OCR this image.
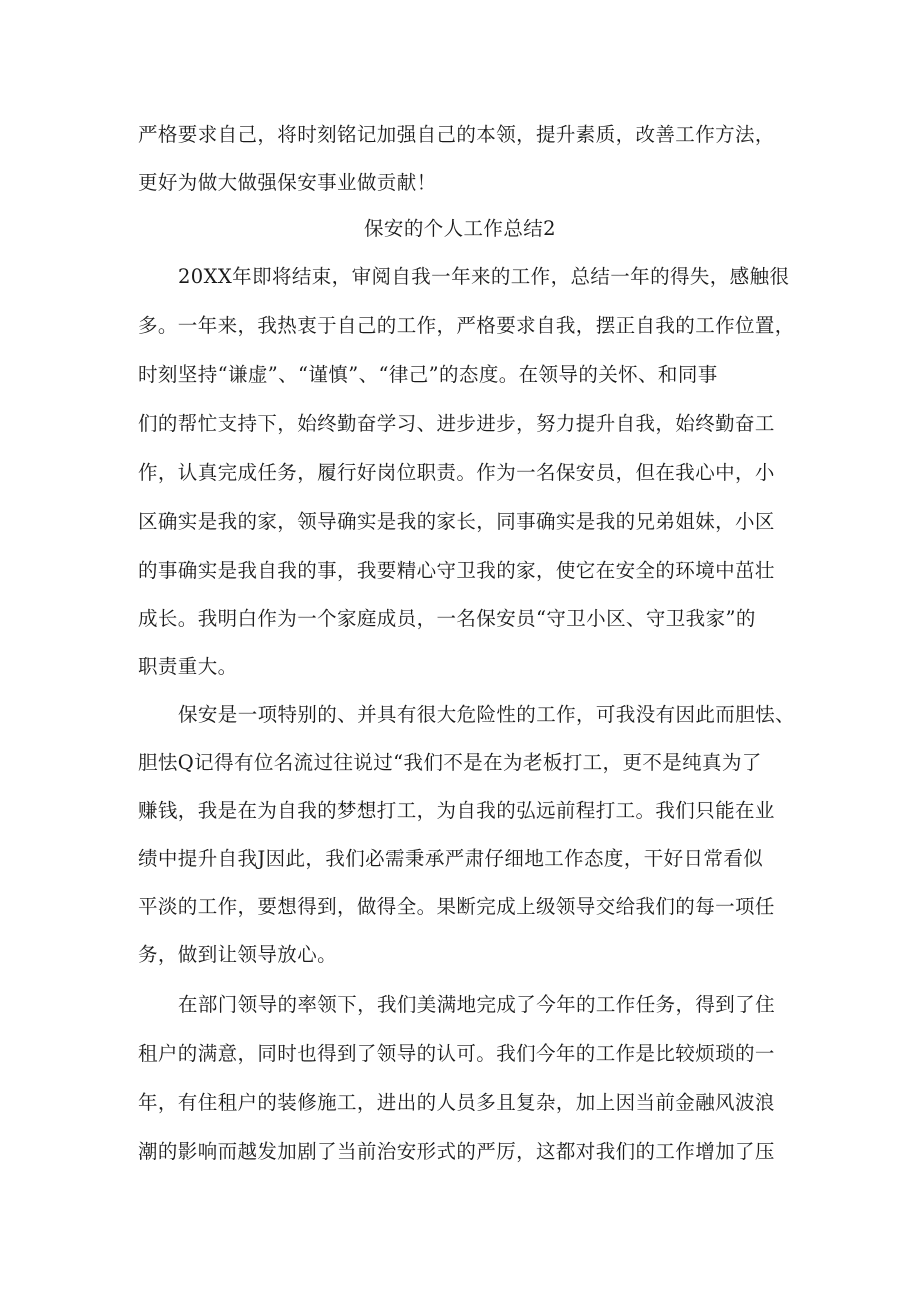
严格要求自己，将时刻铭记加强自己的本领，提升素质，改善工作方法，
更好为做大做强保安事业做贡献！
保安的个人工作总结2
20XX年即将结束，审阅自我一年来的工作，总结一年的得失，感触很
多。一年来，我热衷于自己的工作，严格要求自我，摆正自我的工作位置，
时刻坚持“谦虚”、“谨慎”、“律己”的态度。在领导的关怀、和同事
们的帮忙支持下，始终勤奋学习、进步进步，努力提升自我，始终勤奋工
作，认真完成任务，履行好岗位职责。作为一名保安员，但在我心中，小
区确实是我的家，领导确实是我的家长，同事确实是我的兄弟姐妹，小区
的事确实是我自我的事，我要精心守卫我的家，使它在安全的环境中茁壮
成长。我明白作为一个家庭成员，一名保安员“守卫小区、守卫我家”的
职责重大。
保安是一项特别的、并具有很大危险性的工作，可我没有因此而胆怯、
胆怯Q记得有位名流过往说过“我们不是在为老板打工，更不是纯真为了
赚钱，我是在为自我的梦想打工，为自我的弘远前程打工。我们只能在业
绩中提升自我J因此，我们必需秉承严肃仔细地工作态度，干好日常看似
平淡的工作，要想得到，做得全。果断完成上级领导交给我们的每一项任
务，做到让领导放心。
在部门领导的率领下，我们美满地完成了今年的工作任务，得到了住
租户的满意，同时也得到了领导的认可。我们今年的工作是比较烦琐的一
年，有住租户的装修施工，进出的人员多且复杂，加上因当前金融风波浪
潮的影响而越发加剧了当前治安形式的严厉，这都对我们的工作增加了压
